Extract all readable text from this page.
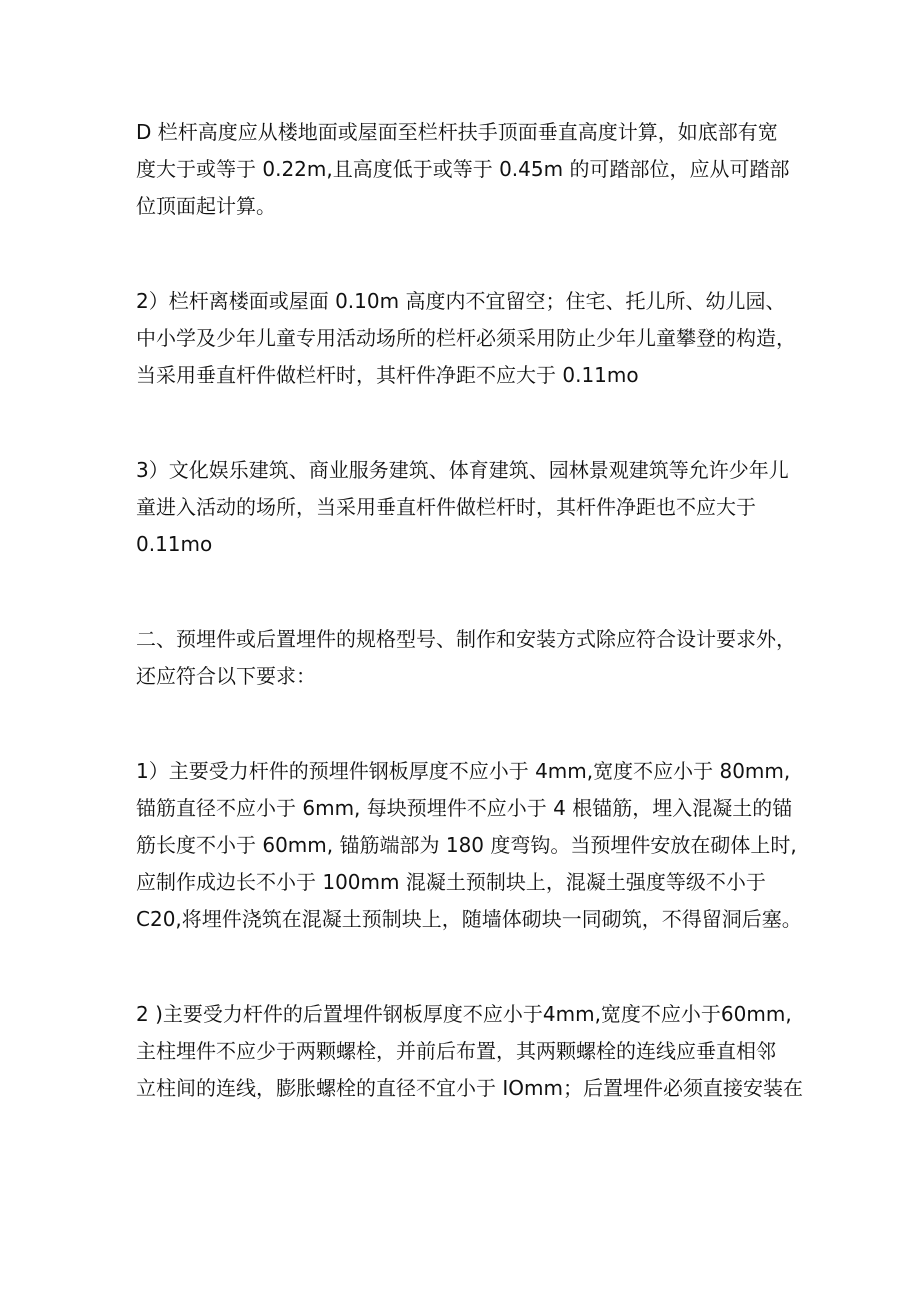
D 栏杆高度应从楼地面或屋面至栏杆扶手顶面垂直高度计算，如底部有宽
度大于或等于 0.22m,且高度低于或等于 0.45m 的可踏部位，应从可踏部
位顶面起计算。
2）栏杆离楼面或屋面 0.10m 高度内不宜留空；住宅、托儿所、幼儿园、
中小学及少年儿童专用活动场所的栏杆必须采用防止少年儿童攀登的构造，
当采用垂直杆件做栏杆时，其杆件净距不应大于 0.11mo
3）文化娱乐建筑、商业服务建筑、体育建筑、园林景观建筑等允许少年儿
童进入活动的场所，当采用垂直杆件做栏杆时，其杆件净距也不应大于
0.11mo
二、预埋件或后置埋件的规格型号、制作和安装方式除应符合设计要求外，
还应符合以下要求：
1）主要受力杆件的预埋件钢板厚度不应小于 4mm,宽度不应小于 80mm,
锚筋直径不应小于 6mm, 每块预埋件不应小于 4 根锚筋，埋入混凝土的锚
筋长度不小于 60mm, 锚筋端部为 180 度弯钩。当预埋件安放在砌体上时,
应制作成边长不小于 100mm 混凝土预制块上，混凝土强度等级不小于
C20,将埋件浇筑在混凝土预制块上，随墙体砌块一同砌筑，不得留洞后塞。
2 )主要受力杆件的后置埋件钢板厚度不应小于4mm,宽度不应小于60mm,
主柱埋件不应少于两颗螺栓，并前后布置，其两颗螺栓的连线应垂直相邻
立柱间的连线，膨胀螺栓的直径不宜小于 IOmm；后置埋件必须直接安装在
